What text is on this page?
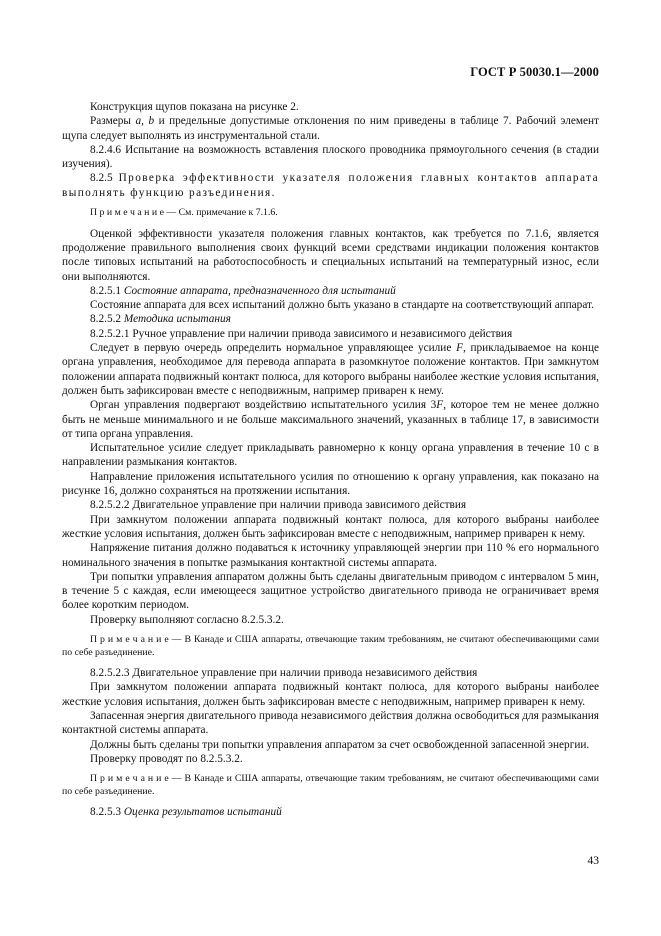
ГОСТ Р 50030.1—2000

Конструкция щупов показана на рисунке 2.

Размеры a, b и предельные допустимые отклонения по ним приведены в таблице 7. Рабочий элемент щупа следует выполнять из инструментальной стали.

8.2.4.6 Испытание на возможность вставления плоского проводника прямоугольного сечения (в стадии изучения).

8.2.5 Проверка эффективности указателя положения главных контактов аппарата выполнять функцию разъединения.

П р и м е ч а н и е — См. примечание к 7.1.6.

Оценкой эффективности указателя положения главных контактов, как требуется по 7.1.6, является продолжение правильного выполнения своих функций всеми средствами индикации положения контактов после типовых испытаний на работоспособность и специальных испытаний на температурный износ, если они выполняются.

8.2.5.1 Состояние аппарата, предназначенного для испытаний

Состояние аппарата для всех испытаний должно быть указано в стандарте на соответствующий аппарат.

8.2.5.2 Методика испытания

8.2.5.2.1 Ручное управление при наличии привода зависимого и независимого действия

Следует в первую очередь определить нормальное управляющее усилие F, прикладываемое на конце органа управления, необходимое для перевода аппарата в разомкнутое положение контактов. При замкнутом положении аппарата подвижный контакт полюса, для которого выбраны наиболее жесткие условия испытания, должен быть зафиксирован вместе с неподвижным, например приварен к нему.

Орган управления подвергают воздействию испытательного усилия 3F, которое тем не менее должно быть не меньше минимального и не больше максимального значений, указанных в таблице 17, в зависимости от типа органа управления.

Испытательное усилие следует прикладывать равномерно к концу органа управления в течение 10 с в направлении размыкания контактов.

Направление приложения испытательного усилия по отношению к органу управления, как показано на рисунке 16, должно сохраняться на протяжении испытания.

8.2.5.2.2 Двигательное управление при наличии привода зависимого действия

При замкнутом положении аппарата подвижный контакт полюса, для которого выбраны наиболее жесткие условия испытания, должен быть зафиксирован вместе с неподвижным, например приварен к нему.

Напряжение питания должно подаваться к источнику управляющей энергии при 110 % его нормального номинального значения в попытке размыкания контактной системы аппарата.

Три попытки управления аппаратом должны быть сделаны двигательным приводом с интервалом 5 мин, в течение 5 с каждая, если имеющееся защитное устройство двигательного привода не ограничивает время более коротким периодом.

Проверку выполняют согласно 8.2.5.3.2.

П р и м е ч а н и е — В Канаде и США аппараты, отвечающие таким требованиям, не считают обеспечивающими сами по себе разъединение.

8.2.5.2.3 Двигательное управление при наличии привода независимого действия

При замкнутом положении аппарата подвижный контакт полюса, для которого выбраны наиболее жесткие условия испытания, должен быть зафиксирован вместе с неподвижным, например приварен к нему.

Запасенная энергия двигательного привода независимого действия должна освободиться для размыкания контактной системы аппарата.

Должны быть сделаны три попытки управления аппаратом за счет освобожденной запасенной энергии.

Проверку проводят по 8.2.5.3.2.

П р и м е ч а н и е — В Канаде и США аппараты, отвечающие таким требованиям, не считают обеспечивающими сами по себе разъединение.

8.2.5.3 Оценка результатов испытаний

43
